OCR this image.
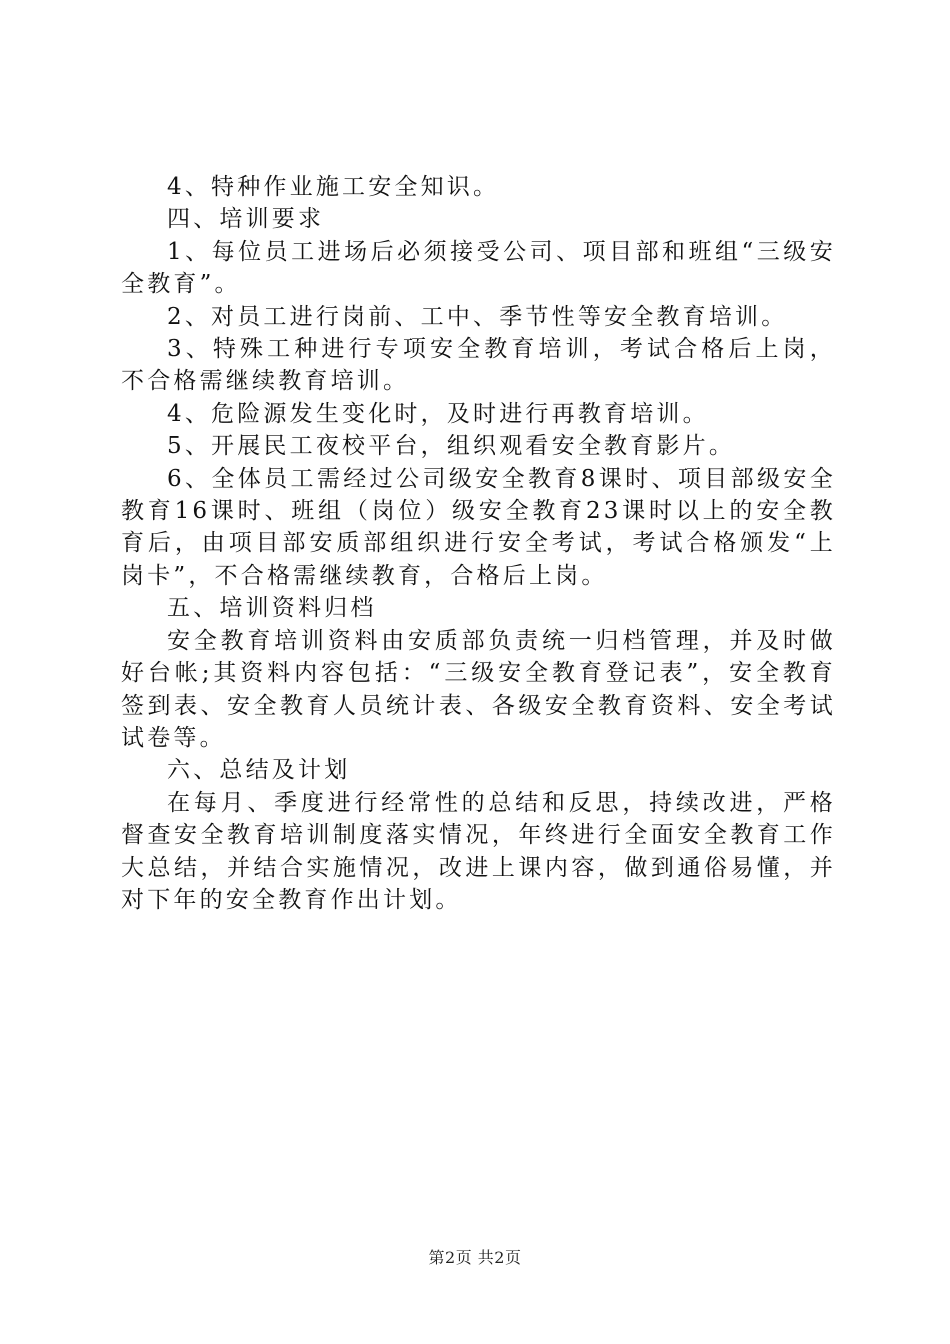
4、特种作业施工安全知识。

四、培训要求

1、每位员工进场后必须接受公司、项目部和班组“三级安全教育”。

2、对员工进行岗前、工中、季节性等安全教育培训。

3、特殊工种进行专项安全教育培训，考试合格后上岗，不合格需继续教育培训。

4、危险源发生变化时，及时进行再教育培训。

5、开展民工夜校平台，组织观看安全教育影片。

6、全体员工需经过公司级安全教育8课时、项目部级安全教育16课时、班组（岗位）级安全教育23课时以上的安全教育后，由项目部安质部组织进行安全考试，考试合格颁发“上岗卡”，不合格需继续教育，合格后上岗。

五、培训资料归档

安全教育培训资料由安质部负责统一归档管理，并及时做好台帐;其资料内容包括：“三级安全教育登记表”，安全教育签到表、安全教育人员统计表、各级安全教育资料、安全考试试卷等。

六、总结及计划

在每月、季度进行经常性的总结和反思，持续改进，严格督查安全教育培训制度落实情况，年终进行全面安全教育工作大总结，并结合实施情况，改进上课内容，做到通俗易懂，并对下年的安全教育作出计划。

第2页 共2页
